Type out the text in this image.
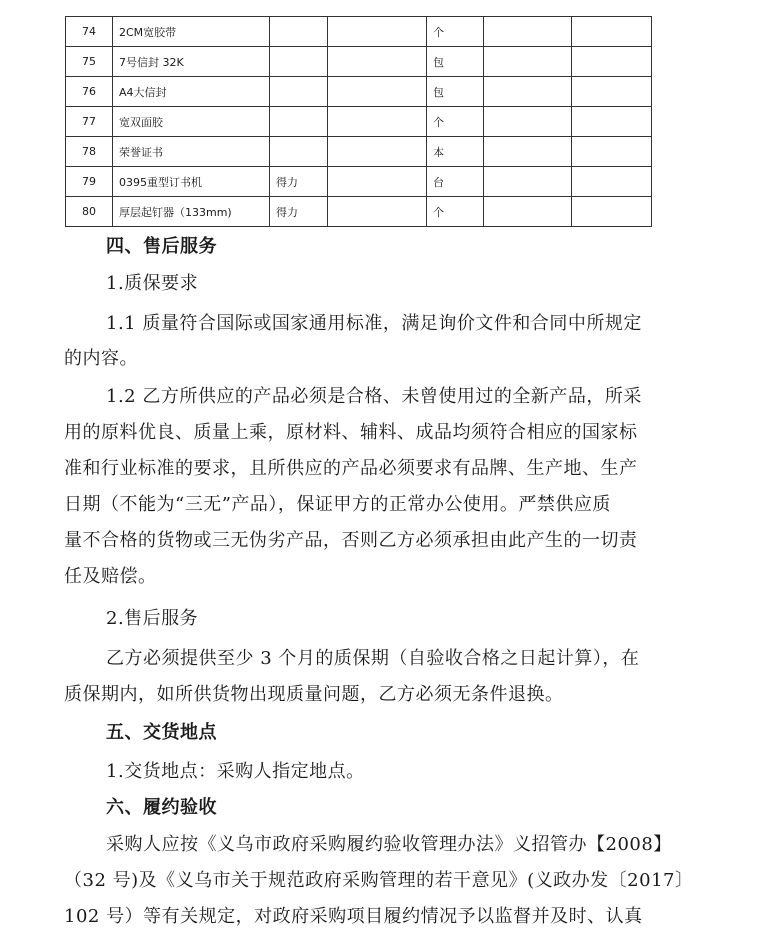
74	2CM宽胶带			个		
75	7号信封 32K			包		
76	A4大信封			包		
77	宽双面胶			个		
78	荣誉证书			本		
79	0395重型订书机	得力		台		
80	厚层起钉器（133mm)	得力		个		
四、售后服务
1.质保要求
1.1 质量符合国际或国家通用标准，满足询价文件和合同中所规定
的内容。
1.2 乙方所供应的产品必须是合格、未曾使用过的全新产品，所采
用的原料优良、质量上乘，原材料、辅料、成品均须符合相应的国家标
准和行业标准的要求，且所供应的产品必须要求有品牌、生产地、生产
日期（不能为“三无”产品），保证甲方的正常办公使用。严禁供应质
量不合格的货物或三无伪劣产品，否则乙方必须承担由此产生的一切责
任及赔偿。
2.售后服务
乙方必须提供至少 3 个月的质保期（自验收合格之日起计算），在
质保期内，如所供货物出现质量问题，乙方必须无条件退换。
五、交货地点
1.交货地点：采购人指定地点。
六、履约验收
采购人应按《义乌市政府采购履约验收管理办法》义招管办【2008】
（32 号)及《义乌市关于规范政府采购管理的若干意见》(义政办发〔2017〕
102 号）等有关规定，对政府采购项目履约情况予以监督并及时、认真
